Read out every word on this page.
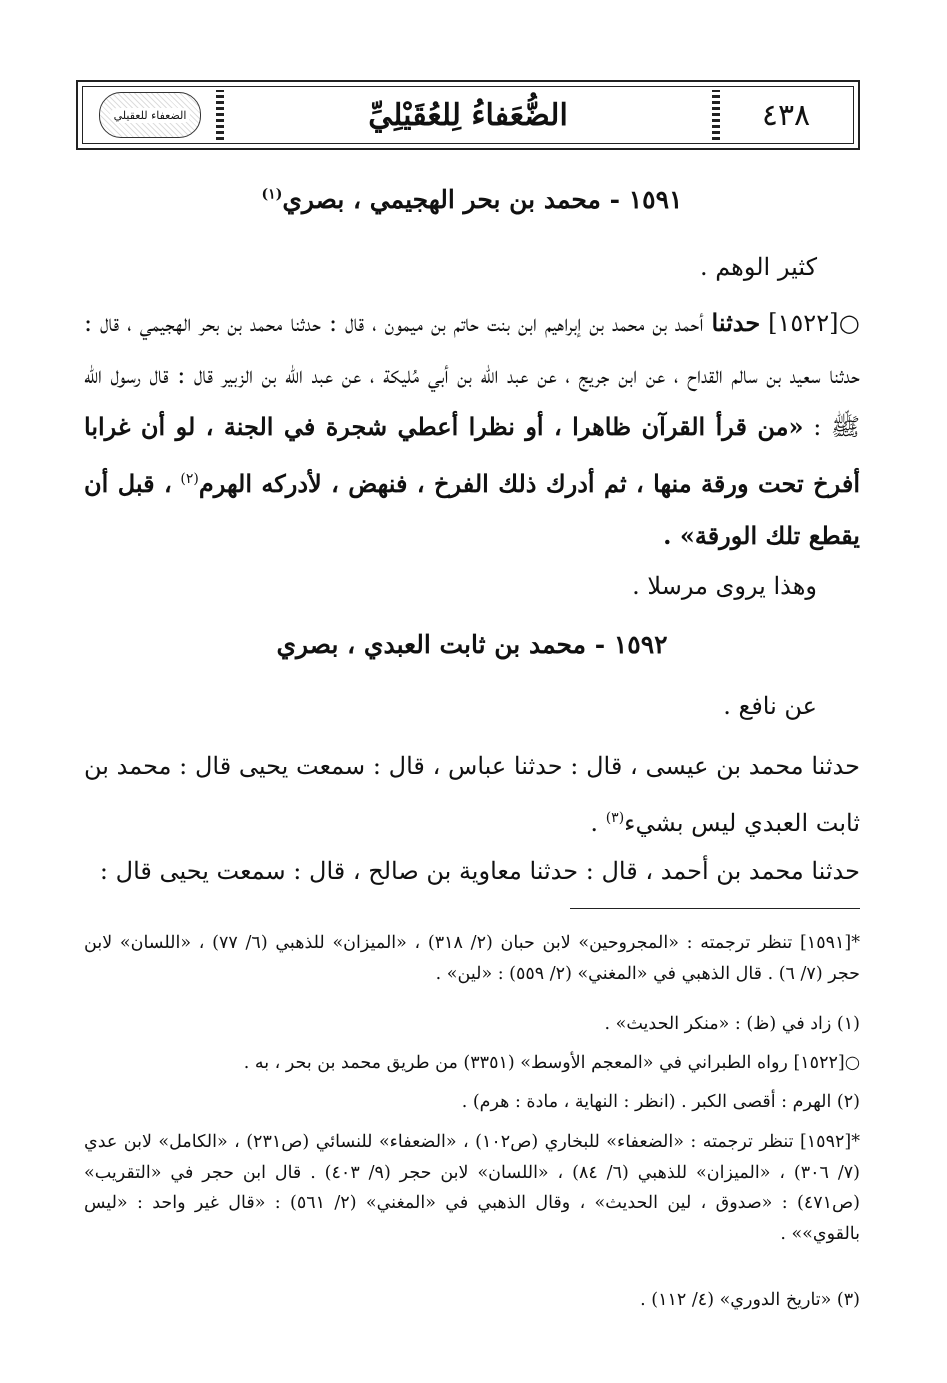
٤٣٨
الضُّعَفاءُ لِلعُقَيْلِيِّ
الضعفاء للعقيلي
١٥٩١ - محمد بن بحر الهجيمي ، بصري$^{(١)}$
كثير الوهم .
○[١٥٢٢] حدثنا أحمد بن محمد بن إبراهيم ابن بنت حاتم بن ميمون ، قال : حدثنا محمد بن بحر الهجيمي ، قال : حدثنا سعيد بن سالم القداح ، عن ابن جريج ، عن عبد الله بن أبي مُليكة ، عن عبد الله بن الزبير قال : قال رسول الله ﷺ : «من قرأ القرآن ظاهرا ، أو نظرا أعطي شجرة في الجنة ، لو أن غرابا أفرخ تحت ورقة منها ، ثم أدرك ذلك الفرخ ، فنهض ، لأدركه الهرم$^{(٢)}$ ، قبل أن يقطع تلك الورقة» .
وهذا يروى مرسلا .
١٥٩٢ - محمد بن ثابت العبدي ، بصري
عن نافع .
حدثنا محمد بن عيسى ، قال : حدثنا عباس ، قال : سمعت يحيى قال : محمد بن ثابت العبدي ليس بشيء$^{(٣)}$ .
حدثنا محمد بن أحمد ، قال : حدثنا معاوية بن صالح ، قال : سمعت يحيى قال :
*[١٥٩١] تنظر ترجمته : «المجروحين» لابن حبان (٢/ ٣١٨) ، «الميزان» للذهبي (٦/ ٧٧) ، «اللسان» لابن حجر (٧/ ٦) . قال الذهبي في «المغني» (٢/ ٥٥٩) : «لين» .
(١) زاد في (ظ) : «منكر الحديث» .
○[١٥٢٢] رواه الطبراني في «المعجم الأوسط» (٣٣٥١) من طريق محمد بن بحر ، به .
(٢) الهرم : أقصى الكبر . (انظر : النهاية ، مادة : هرم) .
*[١٥٩٢] تنظر ترجمته : «الضعفاء» للبخاري (ص١٠٢) ، «الضعفاء» للنسائي (ص٢٣١) ، «الكامل» لابن عدي (٧/ ٣٠٦) ، «الميزان» للذهبي (٦/ ٨٤) ، «اللسان» لابن حجر (٩/ ٤٠٣) . قال ابن حجر في «التقريب» (ص٤٧١) : «صدوق ، لين الحديث» ، وقال الذهبي في «المغني» (٢/ ٥٦١) : «قال غير واحد : «ليس بالقوي»» .
(٣) «تاريخ الدوري» (٤/ ١١٢) .
